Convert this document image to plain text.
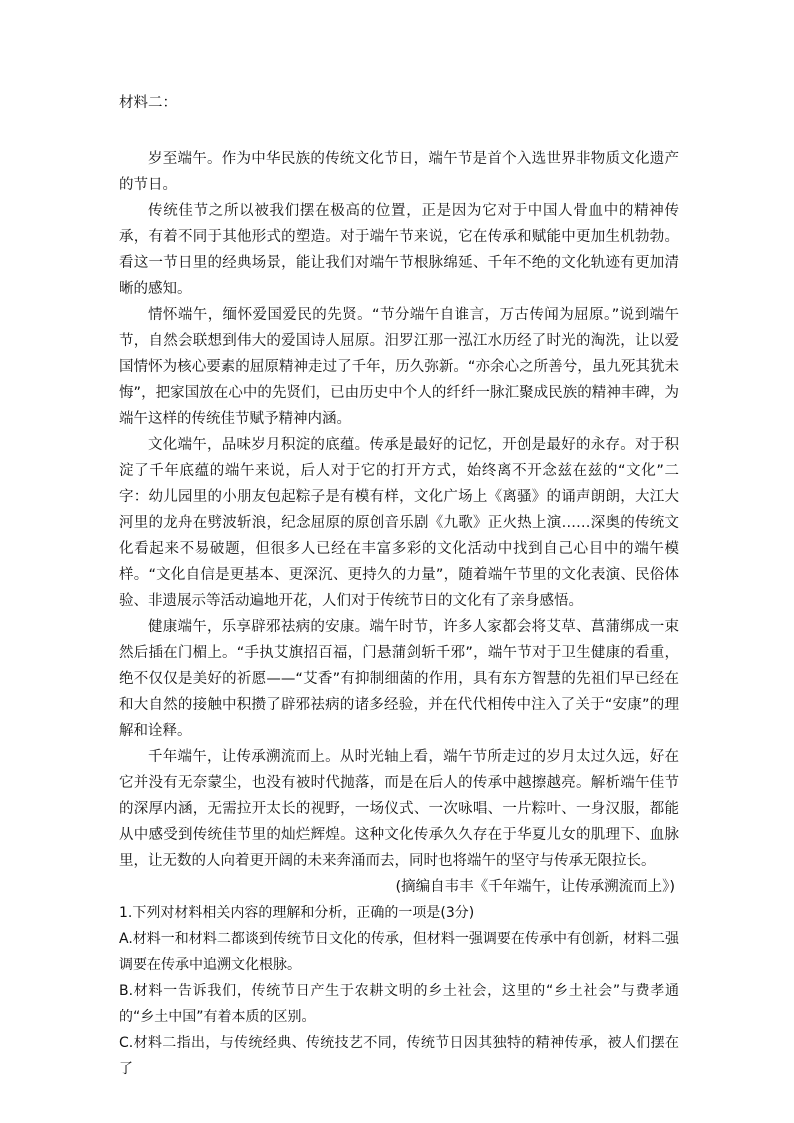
材料二：

岁至端午。作为中华民族的传统文化节日，端午节是首个入选世界非物质文化遗产的节日。

传统佳节之所以被我们摆在极高的位置，正是因为它对于中国人骨血中的精神传承，有着不同于其他形式的塑造。对于端午节来说，它在传承和赋能中更加生机勃勃。看这一节日里的经典场景，能让我们对端午节根脉绵延、千年不绝的文化轨迹有更加清晰的感知。

情怀端午，缅怀爱国爱民的先贤。“节分端午自谁言，万古传闻为屈原。”说到端午节，自然会联想到伟大的爱国诗人屈原。汨罗江那一泓江水历经了时光的淘洗，让以爱国情怀为核心要素的屈原精神走过了千年，历久弥新。“亦余心之所善兮，虽九死其犹未悔”，把家国放在心中的先贤们，已由历史中个人的纤纤一脉汇聚成民族的精神丰碑，为端午这样的传统佳节赋予精神内涵。

文化端午，品味岁月积淀的底蕴。传承是最好的记忆，开创是最好的永存。对于积淀了千年底蕴的端午来说，后人对于它的打开方式，始终离不开念兹在兹的“文化”二字：幼儿园里的小朋友包起粽子是有模有样，文化广场上《离骚》的诵声朗朗，大江大河里的龙舟在劈波斩浪，纪念屈原的原创音乐剧《九歌》正火热上演……深奥的传统文化看起来不易破题，但很多人已经在丰富多彩的文化活动中找到自己心目中的端午模样。“文化自信是更基本、更深沉、更持久的力量”，随着端午节里的文化表演、民俗体验、非遗展示等活动遍地开花，人们对于传统节日的文化有了亲身感悟。

健康端午，乐享辟邪祛病的安康。端午时节，许多人家都会将艾草、菖蒲绑成一束然后插在门楣上。“手执艾旗招百福，门悬蒲剑斩千邪”，端午节对于卫生健康的看重，绝不仅仅是美好的祈愿——“艾香”有抑制细菌的作用，具有东方智慧的先祖们早已经在和大自然的接触中积攒了辟邪祛病的诸多经验，并在代代相传中注入了关于“安康”的理解和诠释。

千年端午，让传承溯流而上。从时光轴上看，端午节所走过的岁月太过久远，好在它并没有无奈蒙尘，也没有被时代抛落，而是在后人的传承中越擦越亮。解析端午佳节的深厚内涵，无需拉开太长的视野，一场仪式、一次咏唱、一片粽叶、一身汉服，都能从中感受到传统佳节里的灿烂辉煌。这种文化传承久久存在于华夏儿女的肌理下、血脉里，让无数的人向着更开阔的未来奔涌而去，同时也将端午的坚守与传承无限拉长。

(摘编自韦丰《千年端午，让传承溯流而上》)

1.下列对材料相关内容的理解和分析，正确的一项是(3分)

A.材料一和材料二都谈到传统节日文化的传承，但材料一强调要在传承中有创新，材料二强调要在传承中追溯文化根脉。

B.材料一告诉我们，传统节日产生于农耕文明的乡土社会，这里的“乡土社会”与费孝通的“乡土中国”有着本质的区别。

C.材料二指出，与传统经典、传统技艺不同，传统节日因其独特的精神传承，被人们摆在了
